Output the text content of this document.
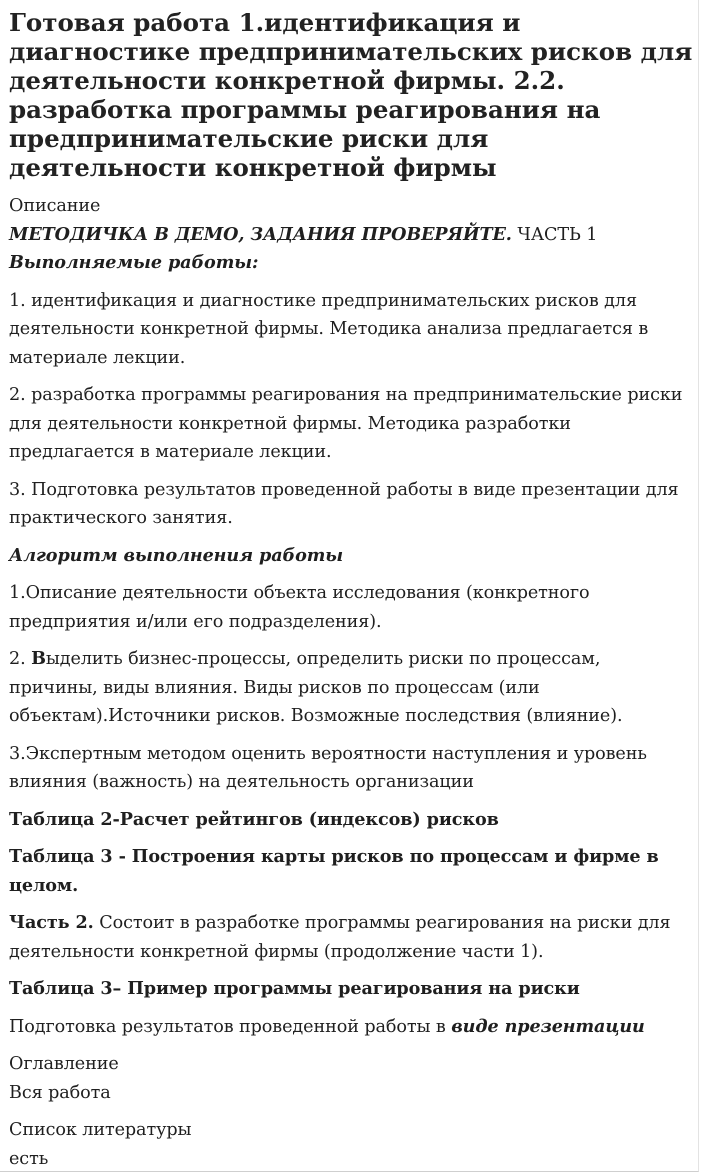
Готовая работа 1.идентификация и диагностике предпринимательских рисков для деятельности конкретной фирмы. 2.2. разработка программы реагирования на предпринимательские риски для деятельности конкретной фирмы
Описание
МЕТОДИЧКА В ДЕМО, ЗАДАНИЯ ПРОВЕРЯЙТЕ. ЧАСТЬ 1
Выполняемые работы:
1. идентификация и диагностике предпринимательских рисков для деятельности конкретной фирмы. Методика анализа предлагается в материале лекции.
2. разработка программы реагирования на предпринимательские риски для деятельности конкретной фирмы. Методика разработки предлагается в материале лекции.
3. Подготовка результатов проведенной работы в виде презентации для практического занятия.
Алгоритм выполнения работы
1.Описание деятельности объекта исследования (конкретного предприятия и/или его подразделения).
2. Выделить бизнес-процессы, определить риски по процессам, причины, виды влияния. Виды рисков по процессам (или объектам).Источники рисков. Возможные последствия (влияние).
3.Экспертным методом оценить вероятности наступления и уровень влияния (важность) на деятельность организации
Таблица 2-Расчет рейтингов (индексов) рисков
Таблица 3 - Построения карты рисков по процессам и фирме в целом.
Часть 2. Состоит в разработке программы реагирования на риски для деятельности конкретной фирмы (продолжение части 1).
Таблица 3– Пример программы реагирования на риски
Подготовка результатов проведенной работы в виде презентации
Оглавление
Вся работа
Список литературы
есть
